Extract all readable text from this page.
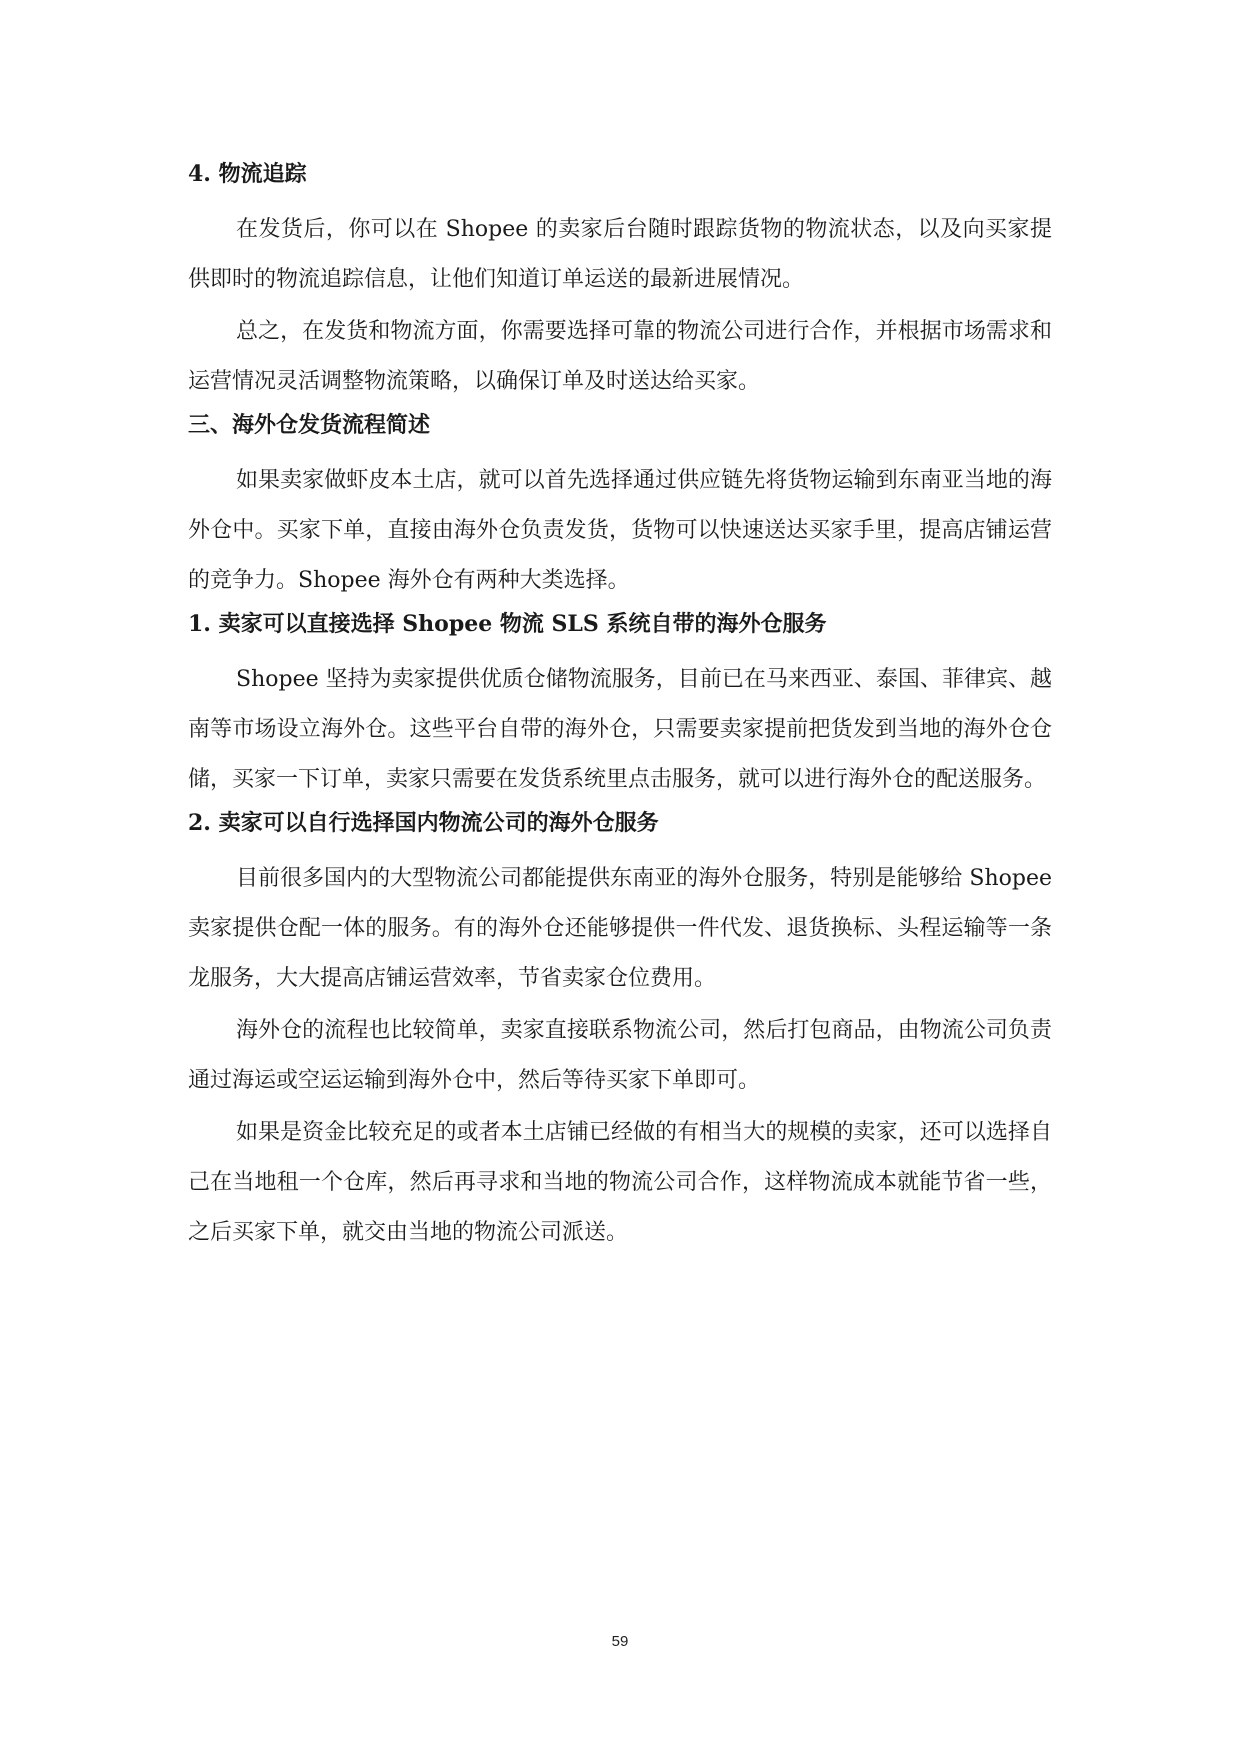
4. 物流追踪

在发货后，你可以在 Shopee 的卖家后台随时跟踪货物的物流状态，以及向买家提供即时的物流追踪信息，让他们知道订单运送的最新进展情况。

总之，在发货和物流方面，你需要选择可靠的物流公司进行合作，并根据市场需求和运营情况灵活调整物流策略，以确保订单及时送达给买家。

三、海外仓发货流程简述

如果卖家做虾皮本土店，就可以首先选择通过供应链先将货物运输到东南亚当地的海外仓中。买家下单，直接由海外仓负责发货，货物可以快速送达买家手里，提高店铺运营的竞争力。Shopee 海外仓有两种大类选择。

1. 卖家可以直接选择 Shopee 物流 SLS 系统自带的海外仓服务

Shopee 坚持为卖家提供优质仓储物流服务，目前已在马来西亚、泰国、菲律宾、越南等市场设立海外仓。这些平台自带的海外仓，只需要卖家提前把货发到当地的海外仓仓储，买家一下订单，卖家只需要在发货系统里点击服务，就可以进行海外仓的配送服务。

2. 卖家可以自行选择国内物流公司的海外仓服务

目前很多国内的大型物流公司都能提供东南亚的海外仓服务，特别是能够给 Shopee 卖家提供仓配一体的服务。有的海外仓还能够提供一件代发、退货换标、头程运输等一条龙服务，大大提高店铺运营效率，节省卖家仓位费用。

海外仓的流程也比较简单，卖家直接联系物流公司，然后打包商品，由物流公司负责通过海运或空运运输到海外仓中，然后等待买家下单即可。

如果是资金比较充足的或者本土店铺已经做的有相当大的规模的卖家，还可以选择自己在当地租一个仓库，然后再寻求和当地的物流公司合作，这样物流成本就能节省一些，之后买家下单，就交由当地的物流公司派送。

59
